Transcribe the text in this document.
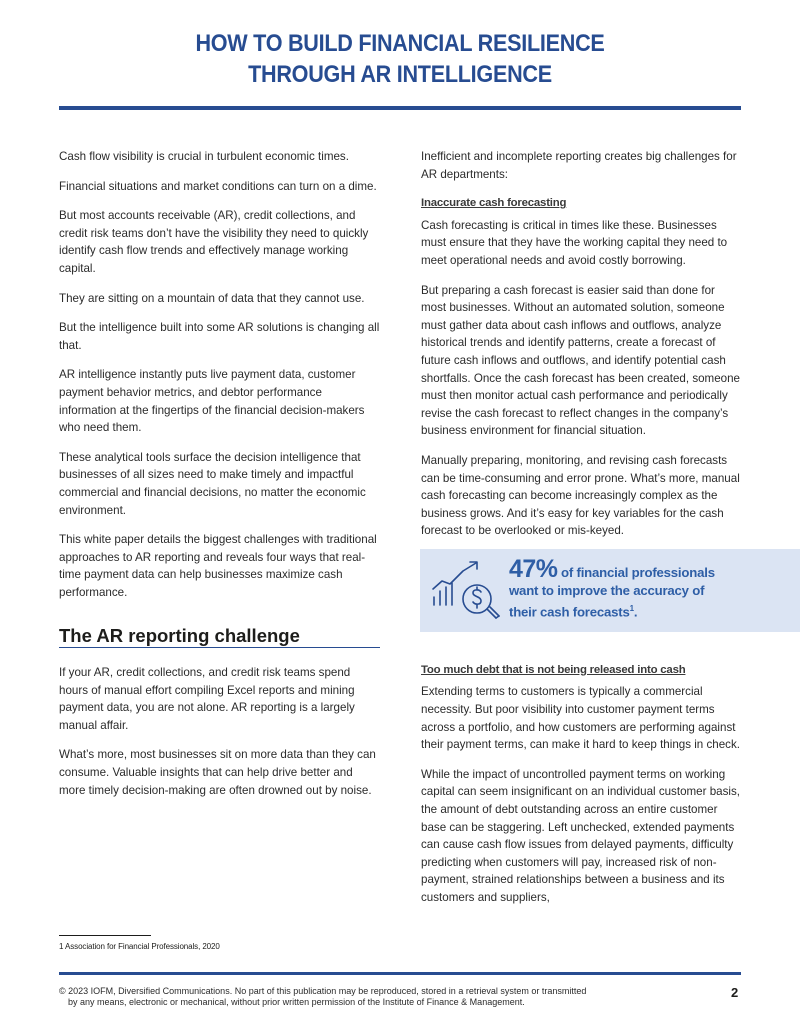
HOW TO BUILD FINANCIAL RESILIENCE
THROUGH AR INTELLIGENCE

Cash flow visibility is crucial in turbulent economic times.

Financial situations and market conditions can turn on a dime.

But most accounts receivable (AR), credit collections, and credit risk teams don’t have the visibility they need to quickly identify cash flow trends and effectively manage working capital.

They are sitting on a mountain of data that they cannot use.

But the intelligence built into some AR solutions is changing all that.

AR intelligence instantly puts live payment data, customer payment behavior metrics, and debtor performance information at the fingertips of the financial decision-makers who need them.

These analytical tools surface the decision intelligence that businesses of all sizes need to make timely and impactful commercial and financial decisions, no matter the economic environment.

This white paper details the biggest challenges with traditional approaches to AR reporting and reveals four ways that real-time payment data can help businesses maximize cash performance.

The AR reporting challenge

If your AR, credit collections, and credit risk teams spend hours of manual effort compiling Excel reports and mining payment data, you are not alone. AR reporting is a largely manual affair.

What’s more, most businesses sit on more data than they can consume. Valuable insights that can help drive better and more timely decision-making are often drowned out by noise.

Inefficient and incomplete reporting creates big challenges for AR departments:

Inaccurate cash forecasting

Cash forecasting is critical in times like these. Businesses must ensure that they have the working capital they need to meet operational needs and avoid costly borrowing.

But preparing a cash forecast is easier said than done for most businesses. Without an automated solution, someone must gather data about cash inflows and outflows, analyze historical trends and identify patterns, create a forecast of future cash inflows and outflows, and identify potential cash shortfalls. Once the cash forecast has been created, someone must then monitor actual cash performance and periodically revise the cash forecast to reflect changes in the company’s business environment for financial situation.

Manually preparing, monitoring, and revising cash forecasts can be time-consuming and error prone. What’s more, manual cash forecasting can become increasingly complex as the business grows. And it’s easy for key variables for the cash forecast to be overlooked or mis-keyed.

Too much debt that is not being released into cash

Extending terms to customers is typically a commercial necessity. But poor visibility into customer payment terms across a portfolio, and how customers are performing against their payment terms, can make it hard to keep things in check.

While the impact of uncontrolled payment terms on working capital can seem insignificant on an individual customer basis, the amount of debt outstanding across an entire customer base can be staggering. Left unchecked, extended payments can cause cash flow issues from delayed payments, difficulty predicting when customers will pay, increased risk of non-payment, strained relationships between a business and its customers and suppliers,

47% of financial professionals
want to improve the accuracy of
their cash forecasts$^1$.
1 Association for Financial Professionals, 2020
© 2023 IOFM, Diversified Communications. No part of this publication may be reproduced, stored in a retrieval system or transmitted
by any means, electronic or mechanical, without prior written permission of the Institute of Finance & Management.
2
